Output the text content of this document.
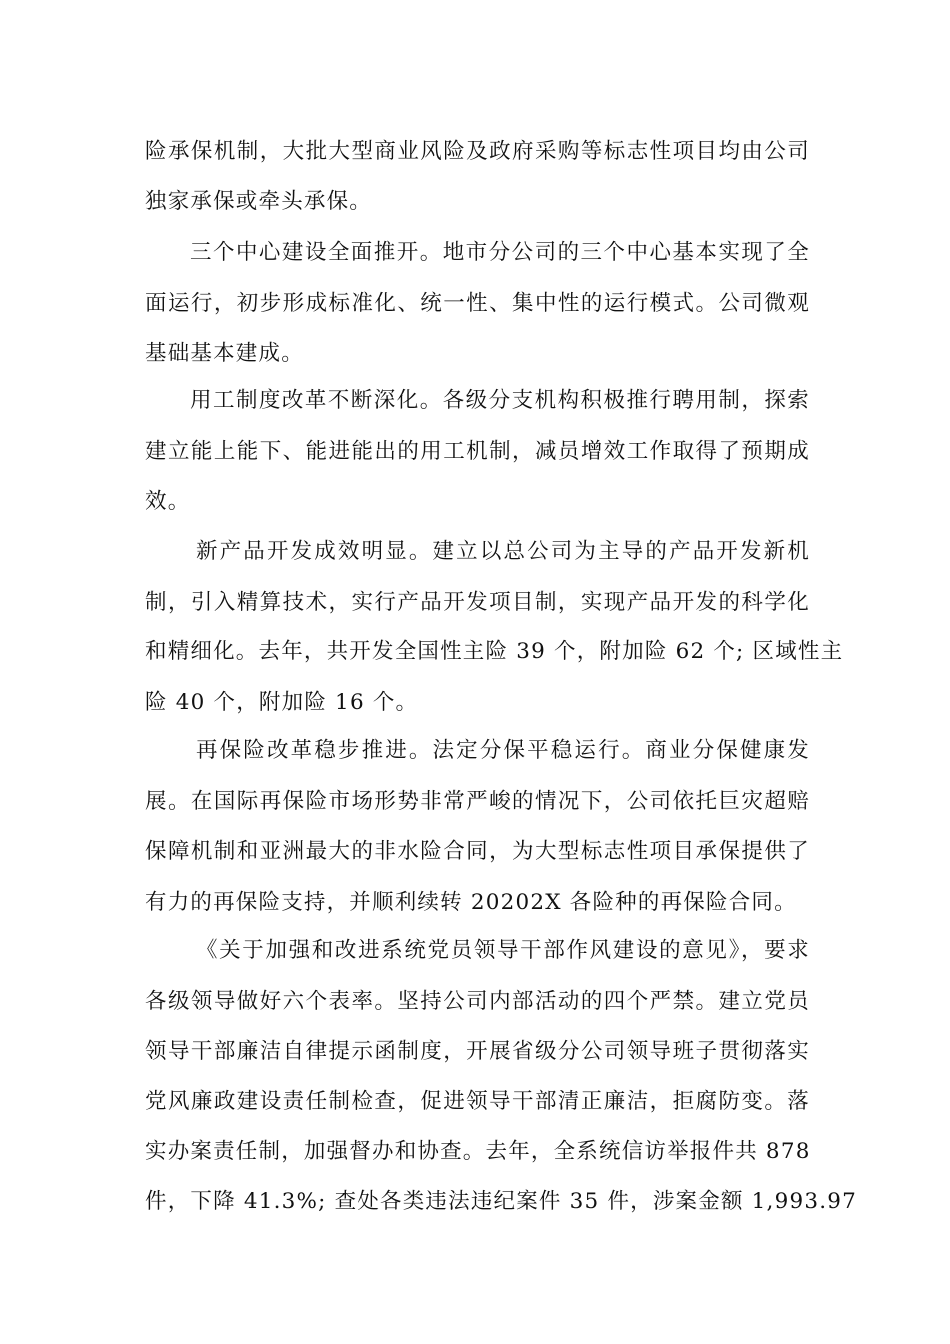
险承保机制，大批大型商业风险及政府采购等标志性项目均由公司
独家承保或牵头承保。
三个中心建设全面推开。地市分公司的三个中心基本实现了全
面运行，初步形成标准化、统一性、集中性的运行模式。公司微观
基础基本建成。
用工制度改革不断深化。各级分支机构积极推行聘用制，探索
建立能上能下、能进能出的用工机制，减员增效工作取得了预期成
效。
新产品开发成效明显。建立以总公司为主导的产品开发新机
制，引入精算技术，实行产品开发项目制，实现产品开发的科学化
和精细化。去年，共开发全国性主险 39 个，附加险 62 个; 区域性主
险 40 个，附加险 16 个。
再保险改革稳步推进。法定分保平稳运行。商业分保健康发
展。在国际再保险市场形势非常严峻的情况下，公司依托巨灾超赔
保障机制和亚洲最大的非水险合同，为大型标志性项目承保提供了
有力的再保险支持，并顺利续转 20202X 各险种的再保险合同。
《关于加强和改进系统党员领导干部作风建设的意见》，要求
各级领导做好六个表率。坚持公司内部活动的四个严禁。建立党员
领导干部廉洁自律提示函制度，开展省级分公司领导班子贯彻落实
党风廉政建设责任制检查，促进领导干部清正廉洁，拒腐防变。落
实办案责任制，加强督办和协查。去年，全系统信访举报件共 878
件，下降 41.3%; 查处各类违法违纪案件 35 件，涉案金额 1,993.97
